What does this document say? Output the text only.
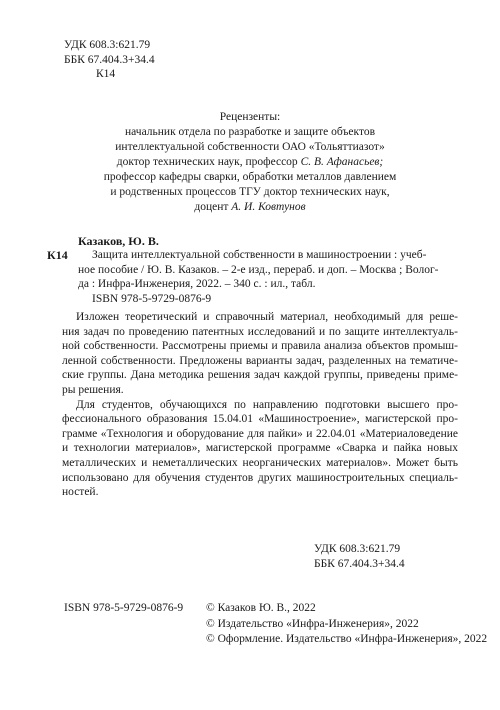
УДК 608.3:621.79
ББК 67.404.3+34.4
К14
Рецензенты:
начальник отдела по разработке и защите объектов
интеллектуальной собственности ОАО «Тольяттиазот»
доктор технических наук, профессор С. В. Афанасьев;
профессор кафедры сварки, обработки металлов давлением
и родственных процессов ТГУ доктор технических наук,
доцент А. И. Ковтунов
Казаков, Ю. В.
К14	Защита интеллектуальной собственности в машиностроении : учеб-
ное пособие / Ю. В. Казаков. – 2-е изд., перераб. и доп. – Москва ; Волог-
да : Инфра-Инженерия, 2022. – 340 с. : ил., табл.
ISBN 978-5-9729-0876-9
Изложен теоретический и справочный материал, необходимый для реше-
ния задач по проведению патентных исследований и по защите интеллектуаль-
ной собственности. Рассмотрены приемы и правила анализа объектов промыш-
ленной собственности. Предложены варианты задач, разделенных на тематиче-
ские группы. Дана методика решения задач каждой группы, приведены приме-
ры решения.
Для студентов, обучающихся по направлению подготовки высшего про-
фессионального образования 15.04.01 «Машиностроение», магистерской про-
грамме «Технология и оборудование для пайки» и 22.04.01 «Материаловедение
и технологии материалов», магистерской программе «Сварка и пайка новых
металлических и неметаллических неорганических материалов». Может быть
использовано для обучения студентов других машиностроительных специаль-
ностей.
УДК 608.3:621.79
ББК 67.404.3+34.4
ISBN 978-5-9729-0876-9 © Казаков Ю. В., 2022
© Издательство «Инфра-Инженерия», 2022
© Оформление. Издательство «Инфра-Инженерия», 2022
